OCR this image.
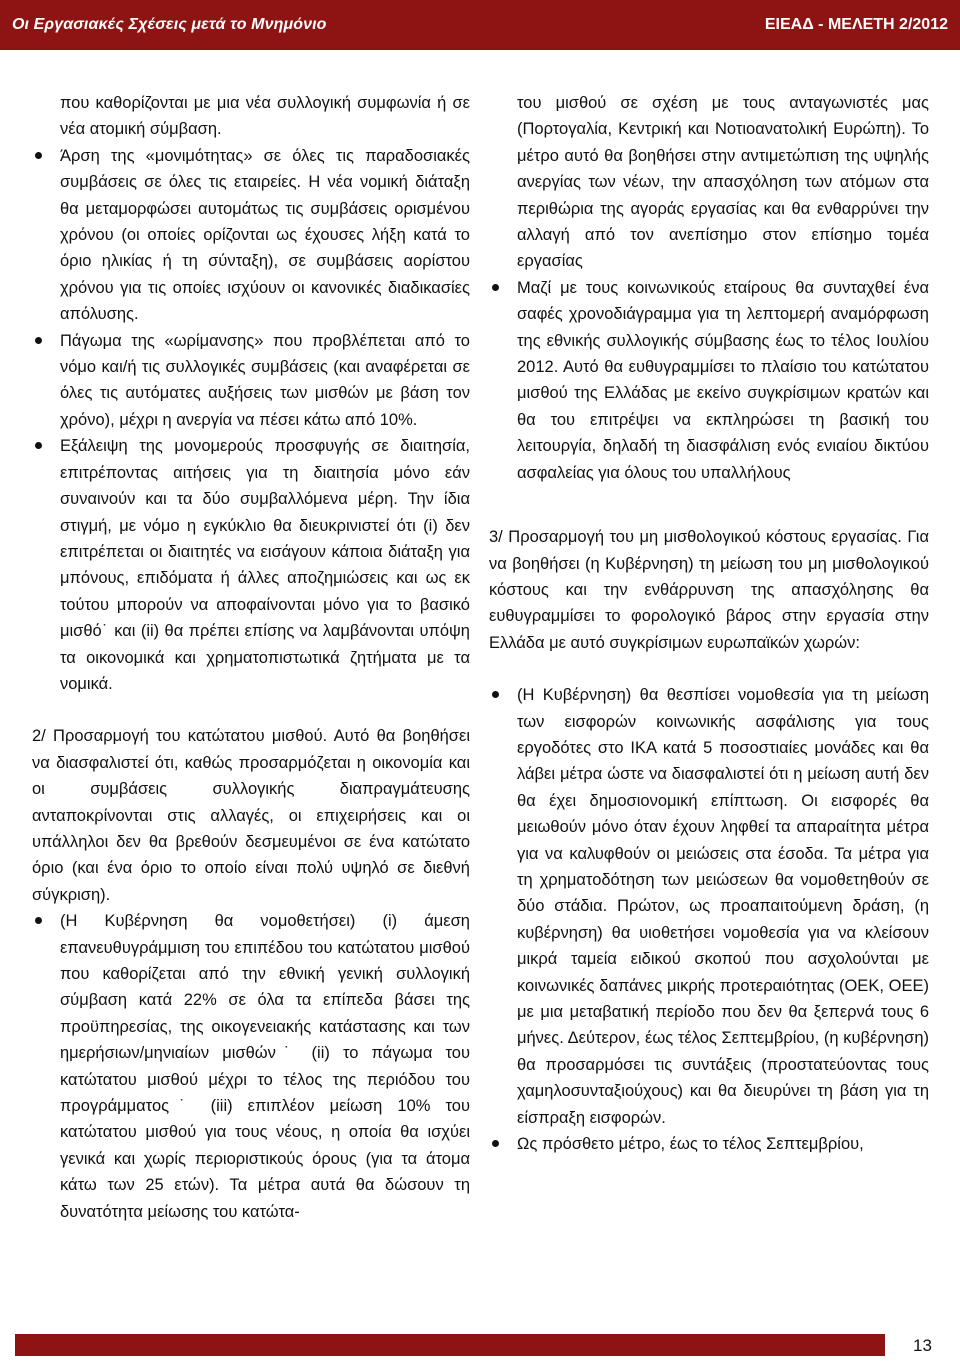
Οι Εργασιακές Σχέσεις μετά το Μνημόνιο	ΕΙΕΑΔ - ΜΕΛΕΤΗ 2/2012

που καθορίζονται με μια νέα συλλογική συμφωνία ή σε νέα ατομική σύμβαση.

Άρση της «μονιμότητας» σε όλες τις παραδοσιακές συμβάσεις σε όλες τις εταιρείες. Η νέα νομική διάταξη θα μεταμορφώσει αυτομάτως τις συμβάσεις ορισμένου χρόνου (οι οποίες ορίζονται ως έχουσες λήξη κατά το όριο ηλικίας ή τη σύνταξη), σε συμβάσεις αορίστου χρόνου για τις οποίες ισχύουν οι κανονικές διαδικασίες απόλυσης.
Πάγωμα της «ωρίμανσης» που προβλέπεται από το νόμο και/ή τις συλλογικές συμβάσεις (και αναφέρεται σε όλες τις αυτόματες αυξήσεις των μισθών με βάση τον χρόνο), μέχρι η ανεργία να πέσει κάτω από 10%.
Εξάλειψη της μονομερούς προσφυγής σε διαιτησία, επιτρέποντας αιτήσεις για τη διαιτησία μόνο εάν συναινούν και τα δύο συμβαλλόμενα μέρη. Την ίδια στιγμή, με νόμο η εγκύκλιο θα διευκρινιστεί ότι (i) δεν επιτρέπεται οι διαιτητές να εισάγουν κάποια διάταξη για μπόνους, επιδόματα ή άλλες αποζημιώσεις και ως εκ τούτου μπορούν να αποφαίνονται μόνο για το βασικό μισθό˙ και (ii) θα πρέπει επίσης να λαμβάνονται υπόψη τα οικονομικά και χρηματοπιστωτικά ζητήματα με τα νομικά.

2/ Προσαρμογή του κατώτατου μισθού. Αυτό θα βοηθήσει να διασφαλιστεί ότι, καθώς προσαρμόζεται η οικονομία και οι συμβάσεις συλλογικής διαπραγμάτευσης ανταποκρίνονται στις αλλαγές, οι επιχειρήσεις και οι υπάλληλοι δεν θα βρεθούν δεσμευμένοι σε ένα κατώτατο όριο (και ένα όριο το οποίο είναι πολύ υψηλό σε διεθνή σύγκριση).

(Η Κυβέρνηση θα νομοθετήσει) (i) άμεση επανευθυγράμμιση του επιπέδου του κατώτατου μισθού που καθορίζεται από την εθνική γενική συλλογική σύμβαση κατά 22% σε όλα τα επίπεδα βάσει της προϋπηρεσίας, της οικογενειακής κατάστασης και των ημερήσιων/μηνιαίων μισθών˙ (ii) το πάγωμα του κατώτατου μισθού μέχρι το τέλος της περιόδου του προγράμματος˙ (iii) επιπλέον μείωση 10% του κατώτατου μισθού για τους νέους, η οποία θα ισχύει γενικά και χωρίς περιοριστικούς όρους (για τα άτομα κάτω των 25 ετών). Τα μέτρα αυτά θα δώσουν τη δυνατότητα μείωσης του κατώτα-

του μισθού σε σχέση με τους ανταγωνιστές μας (Πορτογαλία, Κεντρική και Νοτιοανατολική Ευρώπη). Το μέτρο αυτό θα βοηθήσει στην αντιμετώπιση της υψηλής ανεργίας των νέων, την απασχόληση των ατόμων στα περιθώρια της αγοράς εργασίας και θα ενθαρρύνει την αλλαγή από τον ανεπίσημο στον επίσημο τομέα εργασίας

Μαζί με τους κοινωνικούς εταίρους θα συνταχθεί ένα σαφές χρονοδιάγραμμα για τη λεπτομερή αναμόρφωση της εθνικής συλλογικής σύμβασης έως το τέλος Ιουλίου 2012. Αυτό θα ευθυγραμμίσει το πλαίσιο του κατώτατου μισθού της Ελλάδας με εκείνο συγκρίσιμων κρατών και θα του επιτρέψει να εκπληρώσει τη βασική του λειτουργία, δηλαδή τη διασφάλιση ενός ενιαίου δικτύου ασφαλείας για όλους του υπαλλήλους

3/ Προσαρμογή του μη μισθολογικού κόστους εργασίας. Για να βοηθήσει (η Κυβέρνηση) τη μείωση του μη μισθολογικού κόστους και την ενθάρρυνση της απασχόλησης θα ευθυγραμμίσει το φορολογικό βάρος στην εργασία στην Ελλάδα με αυτό συγκρίσιμων ευρωπαϊκών χωρών:

(Η Κυβέρνηση) θα θεσπίσει νομοθεσία για τη μείωση των εισφορών κοινωνικής ασφάλισης για τους εργοδότες στο ΙΚΑ κατά 5 ποσοστιαίες μονάδες και θα λάβει μέτρα ώστε να διασφαλιστεί ότι η μείωση αυτή δεν θα έχει δημοσιονομική επίπτωση. Οι εισφορές θα μειωθούν μόνο όταν έχουν ληφθεί τα απαραίτητα μέτρα για να καλυφθούν οι μειώσεις στα έσοδα. Τα μέτρα για τη χρηματοδότηση των μειώσεων θα νομοθετηθούν σε δύο στάδια. Πρώτον, ως προαπαιτούμενη δράση, (η κυβέρνηση) θα υιοθετήσει νομοθεσία για να κλείσουν μικρά ταμεία ειδικού σκοπού που ασχολούνται με κοινωνικές δαπάνες μικρής προτεραιότητας (ΟΕΚ, ΟΕΕ) με μια μεταβατική περίοδο που δεν θα ξεπερνά τους 6 μήνες. Δεύτερον, έως τέλος Σεπτεμβρίου, (η κυβέρνηση) θα προσαρμόσει τις συντάξεις (προστατεύοντας τους χαμηλοσυνταξιούχους) και θα διευρύνει τη βάση για τη είσπραξη εισφορών.
Ως πρόσθετο μέτρο, έως το τέλος Σεπτεμβρίου,
13
